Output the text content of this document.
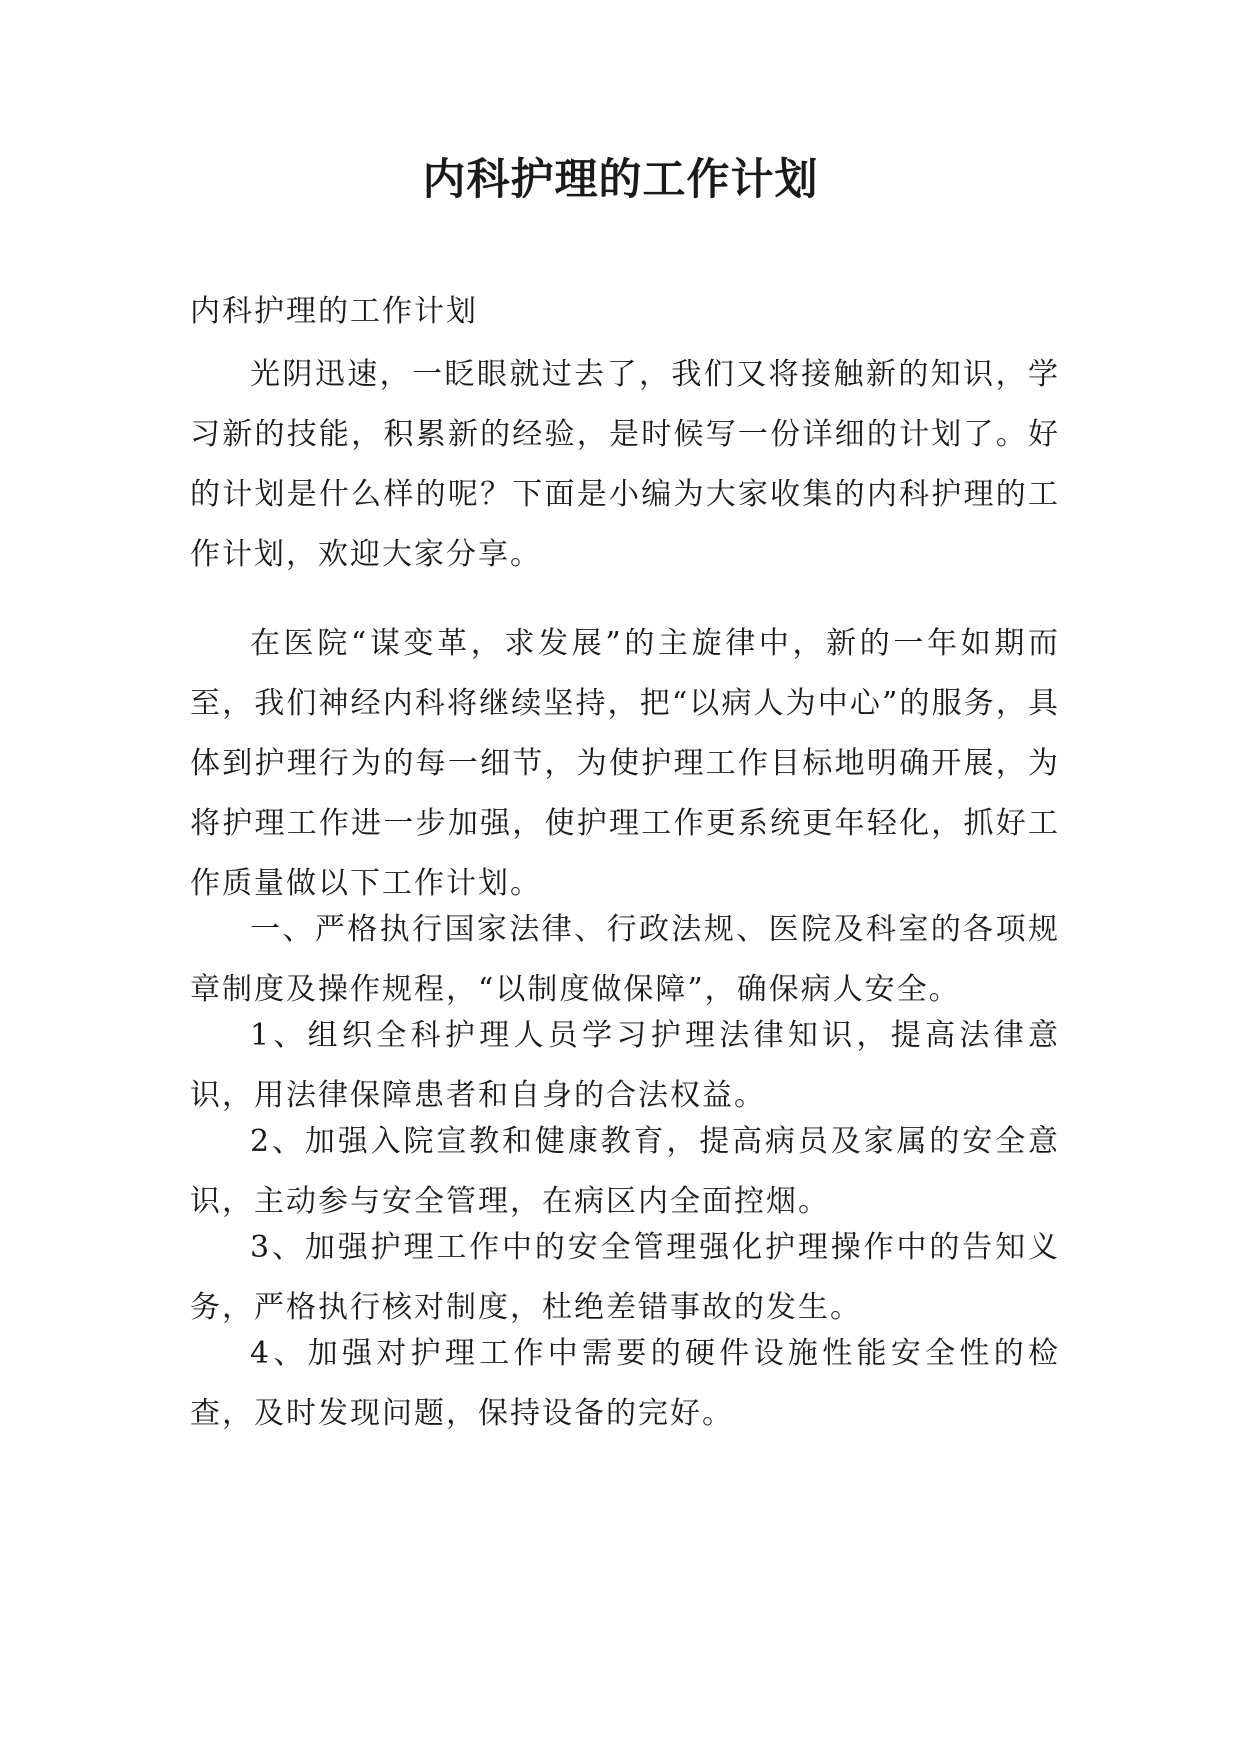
内科护理的工作计划
内科护理的工作计划

光阴迅速，一眨眼就过去了，我们又将接触新的知识，学习新的技能，积累新的经验，是时候写一份详细的计划了。好的计划是什么样的呢？下面是小编为大家收集的内科护理的工作计划，欢迎大家分享。

在医院“谋变革，求发展”的主旋律中，新的一年如期而至，我们神经内科将继续坚持，把“以病人为中心”的服务，具体到护理行为的每一细节，为使护理工作目标地明确开展，为将护理工作进一步加强，使护理工作更系统更年轻化，抓好工作质量做以下工作计划。

一、严格执行国家法律、行政法规、医院及科室的各项规章制度及操作规程，“以制度做保障”，确保病人安全。

1、组织全科护理人员学习护理法律知识，提高法律意识，用法律保障患者和自身的合法权益。

2、加强入院宣教和健康教育，提高病员及家属的安全意识，主动参与安全管理，在病区内全面控烟。

3、加强护理工作中的安全管理强化护理操作中的告知义务，严格执行核对制度，杜绝差错事故的发生。

4、加强对护理工作中需要的硬件设施性能安全性的检查，及时发现问题，保持设备的完好。
